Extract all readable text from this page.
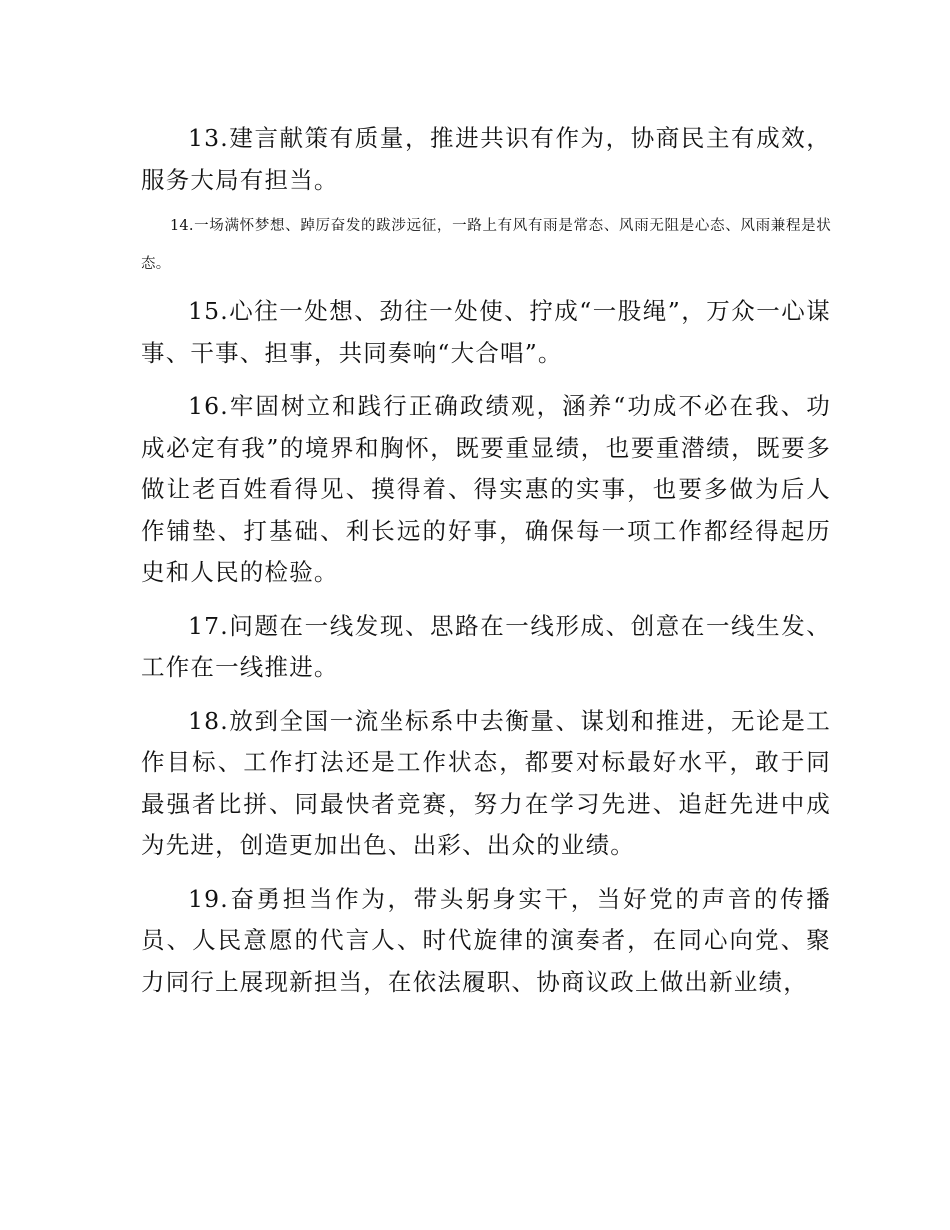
13.建言献策有质量，推进共识有作为，协商民主有成效，服务大局有担当。

14.一场满怀梦想、踔厉奋发的跋涉远征，一路上有风有雨是常态、风雨无阻是心态、风雨兼程是状态。

15.心往一处想、劲往一处使、拧成“一股绳”，万众一心谋事、干事、担事，共同奏响“大合唱”。

16.牢固树立和践行正确政绩观，涵养“功成不必在我、功成必定有我”的境界和胸怀，既要重显绩，也要重潜绩，既要多做让老百姓看得见、摸得着、得实惠的实事，也要多做为后人作铺垫、打基础、利长远的好事，确保每一项工作都经得起历史和人民的检验。

17.问题在一线发现、思路在一线形成、创意在一线生发、工作在一线推进。

18.放到全国一流坐标系中去衡量、谋划和推进，无论是工作目标、工作打法还是工作状态，都要对标最好水平，敢于同最强者比拼、同最快者竞赛，努力在学习先进、追赶先进中成为先进，创造更加出色、出彩、出众的业绩。

19.奋勇担当作为，带头躬身实干，当好党的声音的传播员、人民意愿的代言人、时代旋律的演奏者，在同心向党、聚力同行上展现新担当，在依法履职、协商议政上做出新业绩，
